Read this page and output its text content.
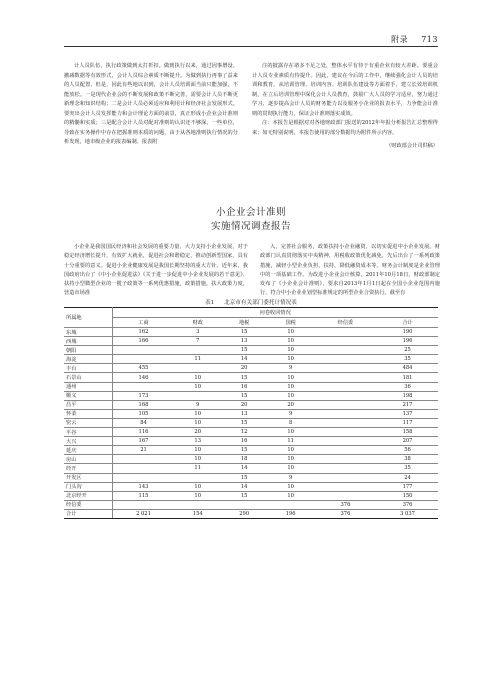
附录 713

计人员队伍，执行政策做到太打折扣。做到执行以来，通过因事增设、撤减数据等有效形式，会计人员综合素质不断提升。为做到执行再事了益来的人员配置，但是，因此有些地以识到，会计人员培训面当前只能加强，不能放松。一是现代企业会的不断发展和政策不断完善，需要会计人员不断更新理念和知识结构；二是会计人员必须适应和利用计和经济社会发展形式。要突出会计人员发挥能力和会计理论方面的前景，真正形成小企业会计准则的精髓和实质；三是配合会计人员对配对准则的认识还不够深，一些单位，导致在实务操作中存在把握准则本质的问题，由于从各地准则执行情况的分析发现，地市级企业的报表编制、报表附

注的披露存在诸多不足之处，整体水平有待于有重企业有较大差距。要重会计人员专业素质有待提升。因此，建议在今后的工作中，继续强化会计人员的培训和教育，从培训管理、培训内容、培训队伍建设等方面着手，建立长效培训机制，在立后培训管理中深化会计人员教育，鼓励广大人员的学习适应，努力通过学习，逐步提高会计人员的财务能力以及服务小企业的报表水平，力争能会计准则的贯彻执行能力，保证会计准则落实成效。

注：本报告是根据对对各地财政部门报送的2012年年报分析报告汇总整理得来；如无特别说明，本报告使用的部分数据均为附件所示内容。

（财政部会计司供稿）
小企业会计准则
实施情况调查报告

小企业是我国国民经济和社会发展的重要力量，大力支持小企业发展，对于稳定经济增长提升，有效扩大就业，促进社会和谐稳定，推动创新型国家，具有十分重要的意义。促进小企业健康发展是我国长期坚持的重大方针。近年来，我国政府出台了《中小企业促进法》《关于进一步促进中小企业发展的若干意见》、扶持小型微型企业的一揽子政策等一系列优惠措施，政策措施，扶大政策力度，营造市场准

入，完善社会服务，政策扶持小企业融资，以切实促进中小企业发展。财政部门认真贯彻落实中央精神，用税收政策优化减免，先后出台了一系列政策措施，减轻小型企业负担，扶持，降低融资成本等。财务会计制度是企业管理中的一项基础工作。为改进小企业会计核算，2011年10月18日，财政部制定发布了《小企业会计准则》，要求自2013年1月1日起在全国小企业范围内施行，符合中小企业业划型标准规定的所型企业合资执行。截至有

表1 北京市有关部门委托计情况表
所属地	问卷收回情况					
	工商	财政	地税	国税	经信委	合计
东城	162	3	15	10		190
西城	166	7	13	10		196
朝阳			15	10		25
海淀		11	14	10		35
丰台	455		20	9		484
石景山	146	10	15	10		181
通州		10	16	10		36
顺义	173		15	10		198
昌平	168	9	20	20		217
怀柔	105	10	13	9		137
密云	84	10	15	8		117
平谷	116	20	12	10		158
大兴	167	13	16	11		207
延庆	21	10	15	10		56
房山		10	18	10		38
经开		11	14	10		35
开发区			15	9		24
门头沟	143	10	14	10		177
北京经开	115	10	15	10		150
经信委					376	376
合计	2 021	154	290	196	376	3 037
